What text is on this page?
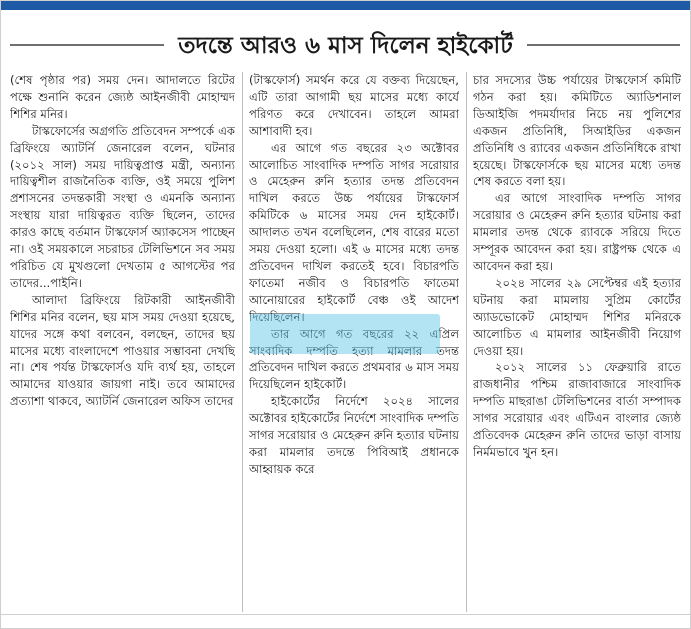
তদন্তে আরও ৬ মাস দিলেন হাইকোর্ট

(শেষ পৃষ্ঠার পর) সময় দেন। আদালতে রিটের পক্ষে শুনানি করেন জ্যেষ্ঠ আইনজীবী মোহাম্মদ শিশির মনির।

টাস্কফোর্সের অগ্রগতি প্রতিবেদন সম্পর্কে এক ব্রিফিংয়ে অ্যাটর্নি জেনারেল বলেন, ঘটনার (২০১২ সাল) সময় দায়িত্বপ্রাপ্ত মন্ত্রী, অন্যান্য দায়িত্বশীল রাজনৈতিক ব্যক্তি, ওই সময়ে পুলিশ প্রশাসনের তদন্তকারী সংস্থা ও এমনকি অন্যান্য সংস্থায় যারা দায়িত্বরত ব্যক্তি ছিলেন, তাদের কারও কাছে বর্তমান টাস্কফোর্স অ্যাকসেস পাচ্ছেন না। ওই সময়কালে সচরাচর টেলিভিশনে সব সময় পরিচিত যে মুখগুলো দেখতাম ৫ আগস্টের পর তাদের...পাইনি।

আলাদা ব্রিফিংয়ে রিটকারী আইনজীবী শিশির মনির বলেন, ছয় মাস সময় দেওয়া হয়েছে, যাদের সঙ্গে কথা বলবেন, বলছেন, তাদের ছয় মাসের মধ্যে বাংলাদেশে পাওয়ার সম্ভাবনা দেখছি না। শেষ পর্যন্ত টাস্কফোর্সও যদি ব্যর্থ হয়, তাহলে আমাদের যাওয়ার জায়গা নাই। তবে আমাদের প্রত্যাশা থাকবে, অ্যাটর্নি জেনারেল অফিস তাদের

(টাস্কফোর্স) সমর্থন করে যে বক্তব্য দিয়েছেন, এটি তারা আগামী ছয় মাসের মধ্যে কার্যে পরিণত করে দেখাবেন। তাহলে আমরা আশাবাদী হব।

এর আগে গত বছরের ২৩ অক্টোবর আলোচিত সাংবাদিক দম্পতি সাগর সরোয়ার ও মেহেরুন রুনি হত্যার তদন্ত প্রতিবেদন দাখিল করতে উচ্চ পর্যায়ের টাস্কফোর্স কমিটিকে ৬ মাসের সময় দেন হাইকোর্ট। আদালত তখন বলেছিলেন, শেষ বারের মতো সময় দেওয়া হলো। এই ৬ মাসের মধ্যে তদন্ত প্রতিবেদন দাখিল করতেই হবে। বিচারপতি ফাতেমা নজীব ও বিচারপতি ফাতেমা আনোয়ারের হাইকোর্ট বেঞ্চ ওই আদেশ দিয়েছিলেন।

তার আগে গত বছরের ২২ এপ্রিল সাংবাদিক দম্পতি হত্যা মামলার তদন্ত প্রতিবেদন দাখিল করতে প্রথমবার ৬ মাস সময় দিয়েছিলেন হাইকোর্ট।

হাইকোর্টের নির্দেশে ২০২৪ সালের অক্টোবর হাইকোর্টের নির্দেশে সাংবাদিক দম্পতি সাগর সরোয়ার ও মেহেরুন রুনি হত্যার ঘটনায় করা মামলার তদন্তে পিবিআই প্রধানকে আহ্বায়ক করে

চার সদস্যের উচ্চ পর্যায়ের টাস্কফোর্স কমিটি গঠন করা হয়। কমিটিতে অ্যাডিশনাল ডিআইজি পদমর্যাদার নিচে নয় পুলিশের একজন প্রতিনিধি, সিআইডির একজন প্রতিনিধি ও র‌্যাবের একজন প্রতিনিধিকে রাখা হয়েছে। টাস্কফোর্সকে ছয় মাসের মধ্যে তদন্ত শেষ করতে বলা হয়।

এর আগে সাংবাদিক দম্পতি সাগর সরোয়ার ও মেহেরুন রুনি হত্যার ঘটনায় করা মামলার তদন্ত থেকে র‌্যাবকে সরিয়ে দিতে সম্পূরক আবেদন করা হয়। রাষ্ট্রপক্ষ থেকে এ আবেদন করা হয়।

২০২৪ সালের ২৯ সেপ্টেম্বর এই হত্যার ঘটনায় করা মামলায় সুপ্রিম কোর্টের অ্যাডভোকেট মোহাম্মদ শিশির মনিরকে আলোচিত এ মামলার আইনজীবী নিয়োগ দেওয়া হয়।

২০১২ সালের ১১ ফেব্রুয়ারি রাতে রাজধানীর পশ্চিম রাজাবাজারে সাংবাদিক দম্পতি মাছরাঙা টেলিভিশনের বার্তা সম্পাদক সাগর সরোয়ার এবং এটিএন বাংলার জ্যেষ্ঠ প্রতিবেদক মেহেরুন রুনি তাদের ভাড়া বাসায় নির্মমভাবে খুন হন।
